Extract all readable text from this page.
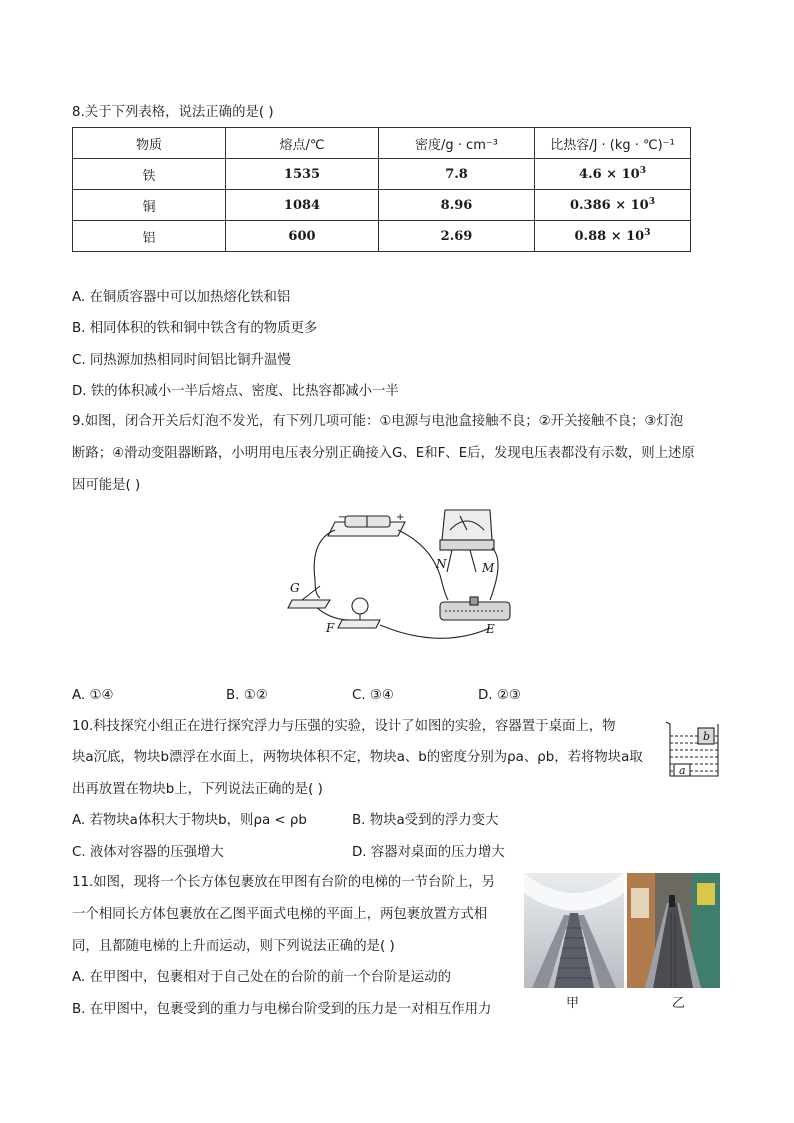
8.关于下列表格，说法正确的是( )
物质	熔点/℃	密度/g · cm⁻³	比热容/J · (kg · ℃)⁻¹
铁	1535	7.8	$4.6 \times 10^3$
铜	1084	8.96	$0.386 \times 10^3$
铝	600	2.69	$0.88 \times 10^3$
A. 在铜质容器中可以加热熔化铁和铝
B. 相同体积的铁和铜中铁含有的物质更多
C. 同热源加热相同时间铝比铜升温慢
D. 铁的体积减小一半后熔点、密度、比热容都减小一半
9.如图，闭合开关后灯泡不发光，有下列几项可能：①电源与电池盒接触不良；②开关接触不良；③灯泡
断路；④滑动变阻器断路，小明用电压表分别正确接入G、E和F、E后，发现电压表都没有示数，则上述原
因可能是( )
G
F
N	M
E
+
−
A. ①④	B. ①②	C. ③④	D. ②③
10.科技探究小组正在进行探究浮力与压强的实验，设计了如图的实验，容器置于桌面上，物
块a沉底，物块b漂浮在水面上，两物块体积不定，物块a、b的密度分别为ρa、ρb，若将物块a取
出再放置在物块b上，下列说法正确的是( )
b
a
A. 若物块a体积大于物块b，则ρa < ρb	B. 物块a受到的浮力变大
C. 液体对容器的压强增大	D. 容器对桌面的压力增大
11.如图，现将一个长方体包裹放在甲图有台阶的电梯的一节台阶上，另
一个相同长方体包裹放在乙图平面式电梯的平面上，两包裹放置方式相
同，且都随电梯的上升而运动，则下列说法正确的是( )
A. 在甲图中，包裹相对于自己处在的台阶的前一个台阶是运动的
B. 在甲图中，包裹受到的重力与电梯台阶受到的压力是一对相互作用力	甲	乙
